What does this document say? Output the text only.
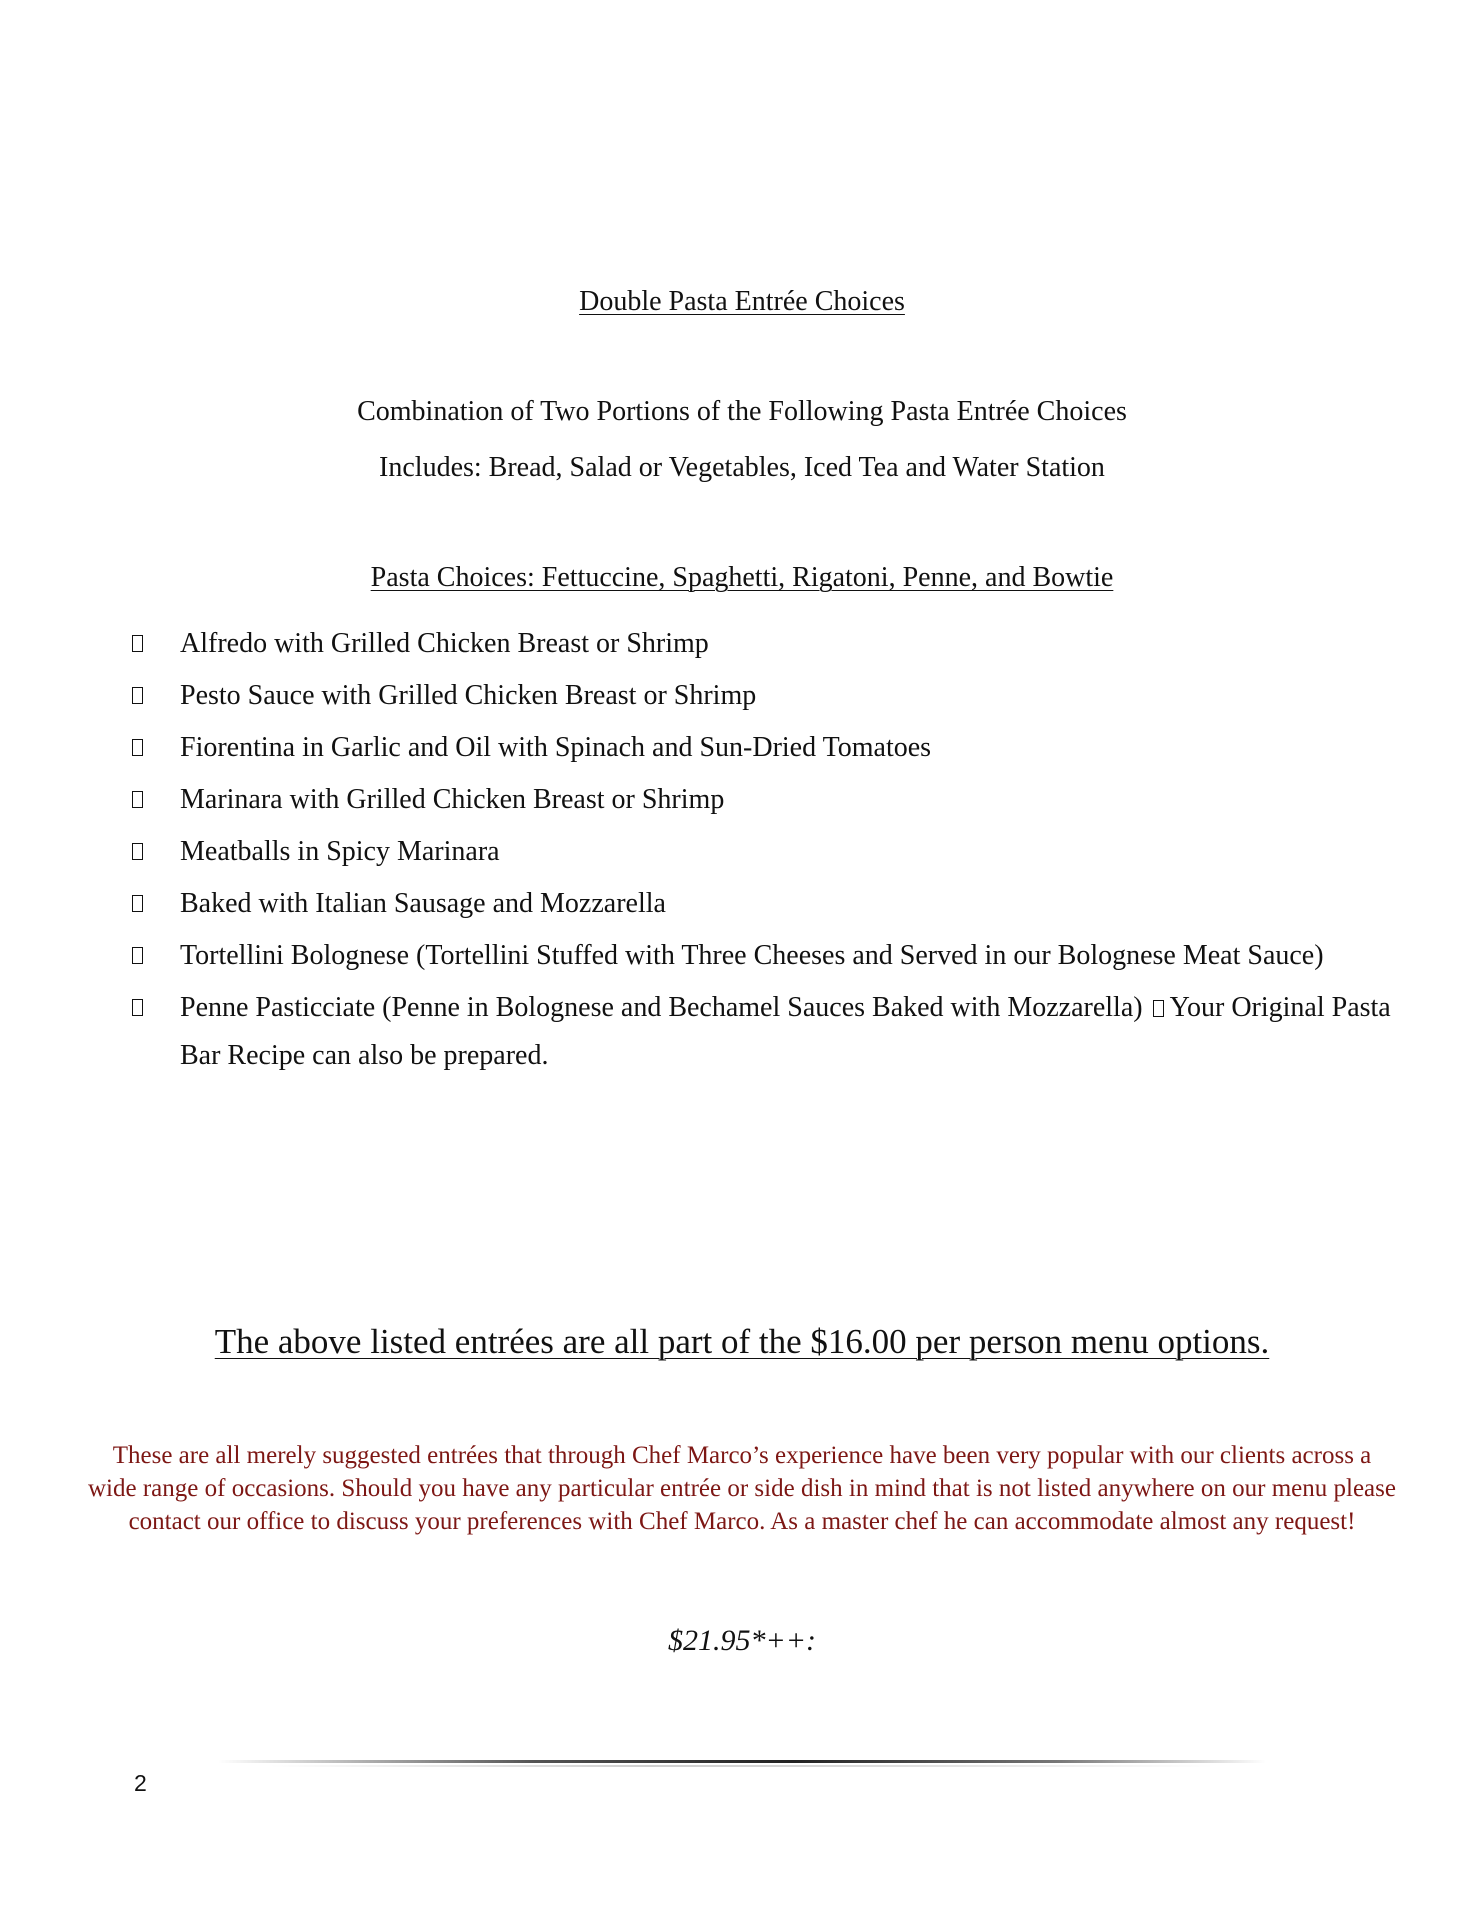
Double Pasta Entrée Choices
Combination of Two Portions of the Following Pasta Entrée Choices
Includes: Bread, Salad or Vegetables, Iced Tea and Water Station
Pasta Choices: Fettuccine, Spaghetti, Rigatoni, Penne, and Bowtie
Alfredo with Grilled Chicken Breast or Shrimp
Pesto Sauce with Grilled Chicken Breast or Shrimp
Fiorentina in Garlic and Oil with Spinach and Sun-Dried Tomatoes
Marinara with Grilled Chicken Breast or Shrimp
Meatballs in Spicy Marinara
Baked with Italian Sausage and Mozzarella
Tortellini Bolognese (Tortellini Stuffed with Three Cheeses and Served in our Bolognese Meat Sauce)
Penne Pasticciate (Penne in Bolognese and Bechamel Sauces Baked with Mozzarella) Your Original Pasta Bar Recipe can also be prepared.
The above listed entrées are all part of the $16.00 per person menu options.
These are all merely suggested entrées that through Chef Marco’s experience have been very popular with our clients across a wide range of occasions. Should you have any particular entrée or side dish in mind that is not listed anywhere on our menu please contact our office to discuss your preferences with Chef Marco. As a master chef he can accommodate almost any request!
$21.95*++:
2
